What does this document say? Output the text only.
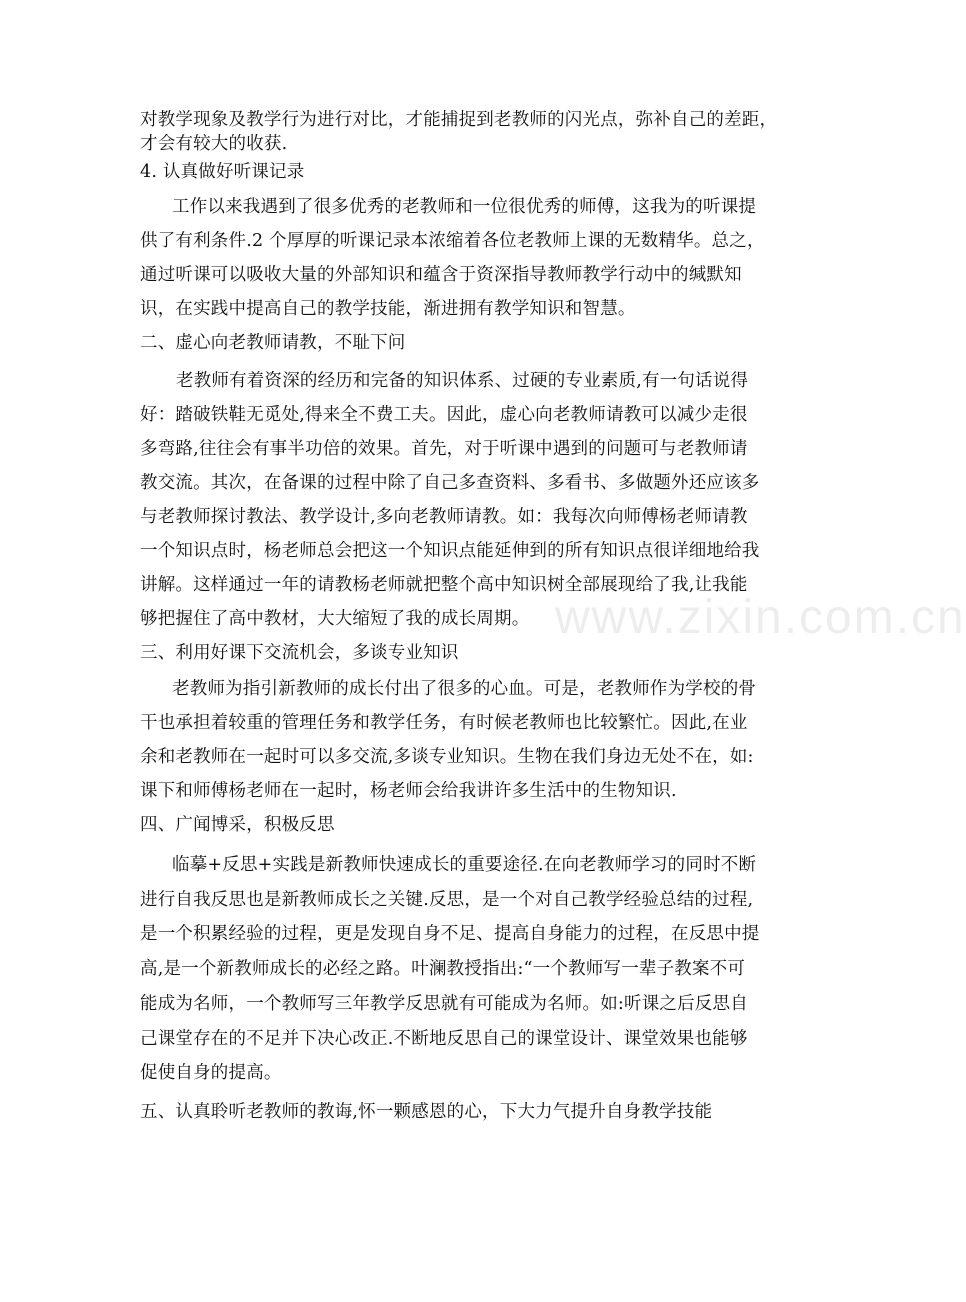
www.zixin.com.cn
对教学现象及教学行为进行对比，才能捕捉到老教师的闪光点，弥补自己的差距，
才会有较大的收获.
4. 认真做好听课记录
工作以来我遇到了很多优秀的老教师和一位很优秀的师傅，这我为的听课提
供了有利条件.2 个厚厚的听课记录本浓缩着各位老教师上课的无数精华。总之，
通过听课可以吸收大量的外部知识和蕴含于资深指导教师教学行动中的缄默知
识，在实践中提高自己的教学技能，渐进拥有教学知识和智慧。
二、虚心向老教师请教，不耻下问
老教师有着资深的经历和完备的知识体系、过硬的专业素质,有一句话说得
好：踏破铁鞋无觅处,得来全不费工夫。因此，虚心向老教师请教可以减少走很
多弯路,往往会有事半功倍的效果。首先，对于听课中遇到的问题可与老教师请
教交流。其次，在备课的过程中除了自己多查资料、多看书、多做题外还应该多
与老教师探讨教法、教学设计,多向老教师请教。如：我每次向师傅杨老师请教
一个知识点时，杨老师总会把这一个知识点能延伸到的所有知识点很详细地给我
讲解。这样通过一年的请教杨老师就把整个高中知识树全部展现给了我,让我能
够把握住了高中教材，大大缩短了我的成长周期。
三、利用好课下交流机会，多谈专业知识
老教师为指引新教师的成长付出了很多的心血。可是，老教师作为学校的骨
干也承担着较重的管理任务和教学任务，有时候老教师也比较繁忙。因此,在业
余和老教师在一起时可以多交流,多谈专业知识。生物在我们身边无处不在，如:
课下和师傅杨老师在一起时，杨老师会给我讲许多生活中的生物知识.
四、广闻博采，积极反思
临摹+反思+实践是新教师快速成长的重要途径.在向老教师学习的同时不断
进行自我反思也是新教师成长之关键.反思，是一个对自己教学经验总结的过程,
是一个积累经验的过程，更是发现自身不足、提高自身能力的过程，在反思中提
高,是一个新教师成长的必经之路。叶澜教授指出:“一个教师写一辈子教案不可
能成为名师，一个教师写三年教学反思就有可能成为名师。如:听课之后反思自
己课堂存在的不足并下决心改正.不断地反思自己的课堂设计、课堂效果也能够
促使自身的提高。
五、认真聆听老教师的教诲,怀一颗感恩的心，下大力气提升自身教学技能
